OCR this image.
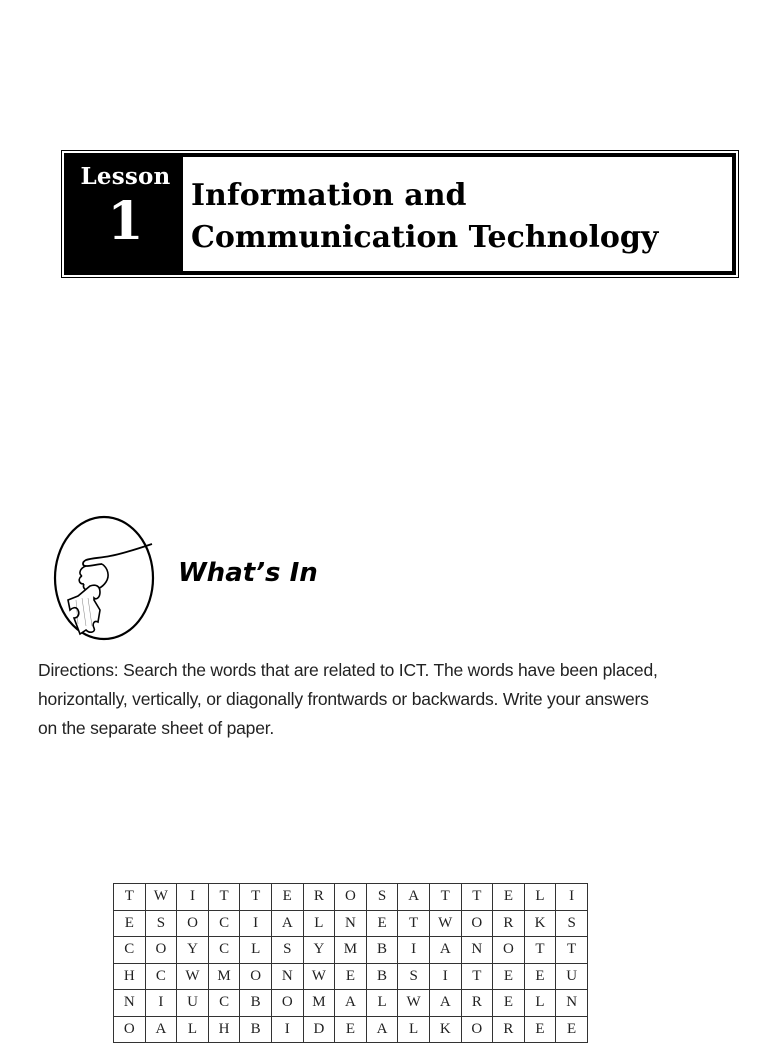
Lesson
1 Information and
Communication Technology
What’s In
Directions: Search the words that are related to ICT. The words have been placed,
horizontally, vertically, or diagonally frontwards or backwards. Write your answers
on the separate sheet of paper.
T	W	I	T	T	E	R	O	S	A	T	T	E	L	I
E	S	O	C	I	A	L	N	E	T	W	O	R	K	S
C	O	Y	C	L	S	Y	M	B	I	A	N	O	T	T
H	C	W	M	O	N	W	E	B	S	I	T	E	E	U
N	I	U	C	B	O	M	A	L	W	A	R	E	L	N
O	A	L	H	B	I	D	E	A	L	K	O	R	E	E
